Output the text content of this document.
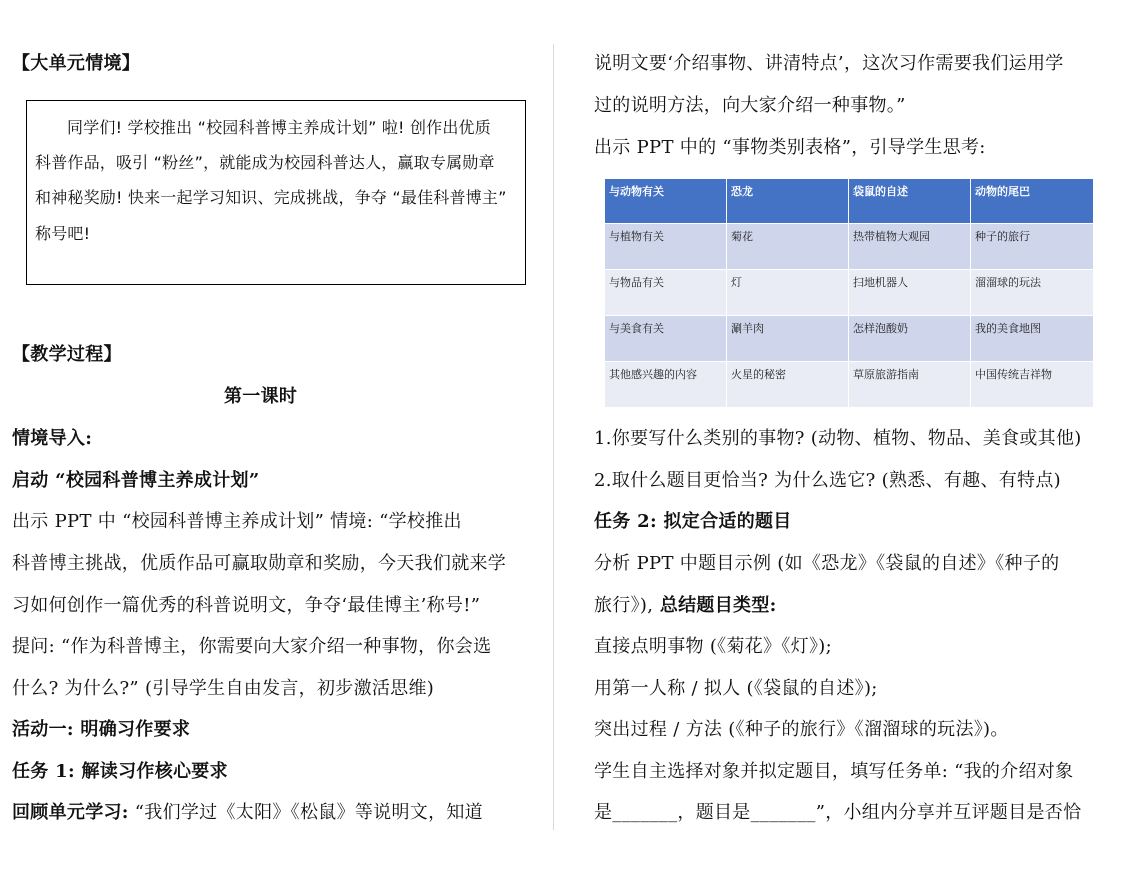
【大单元情境】
同学们! 学校推出 “校园科普博主养成计划” 啦! 创作出优质
科普作品，吸引 “粉丝”，就能成为校园科普达人，赢取专属勋章
和神秘奖励! 快来一起学习知识、完成挑战，争夺 “最佳科普博主”
称号吧!
【教学过程】
第一课时
情境导入:
启动 “校园科普博主养成计划”
出示 PPT 中 “校园科普博主养成计划” 情境: “学校推出
科普博主挑战，优质作品可赢取勋章和奖励，今天我们就来学
习如何创作一篇优秀的科普说明文，争夺‘最佳博主’称号!”
提问: “作为科普博主，你需要向大家介绍一种事物，你会选
什么? 为什么?” (引导学生自由发言，初步激活思维)
活动一: 明确习作要求
任务 1: 解读习作核心要求
回顾单元学习: “我们学过《太阳》《松鼠》等说明文，知道
说明文要‘介绍事物、讲清特点’，这次习作需要我们运用学
过的说明方法，向大家介绍一种事物。”
出示 PPT 中的 “事物类别表格”，引导学生思考:
与动物有关	恐龙	袋鼠的自述	动物的尾巴
与植物有关	菊花	热带植物大观园	种子的旅行
与物品有关	灯	扫地机器人	溜溜球的玩法
与美食有关	涮羊肉	怎样泡酸奶	我的美食地图
其他感兴趣的内容	火星的秘密	草原旅游指南	中国传统吉祥物
1.你要写什么类别的事物? (动物、植物、物品、美食或其他)
2.取什么题目更恰当? 为什么选它? (熟悉、有趣、有特点)
任务 2: 拟定合适的题目
分析 PPT 中题目示例 (如《恐龙》《袋鼠的自述》《种子的
旅行》), 总结题目类型:
直接点明事物 (《菊花》《灯》);
用第一人称 / 拟人 (《袋鼠的自述》);
突出过程 / 方法 (《种子的旅行》《溜溜球的玩法》)。
学生自主选择对象并拟定题目，填写任务单: “我的介绍对象
是_______，题目是_______”，小组内分享并互评题目是否恰
